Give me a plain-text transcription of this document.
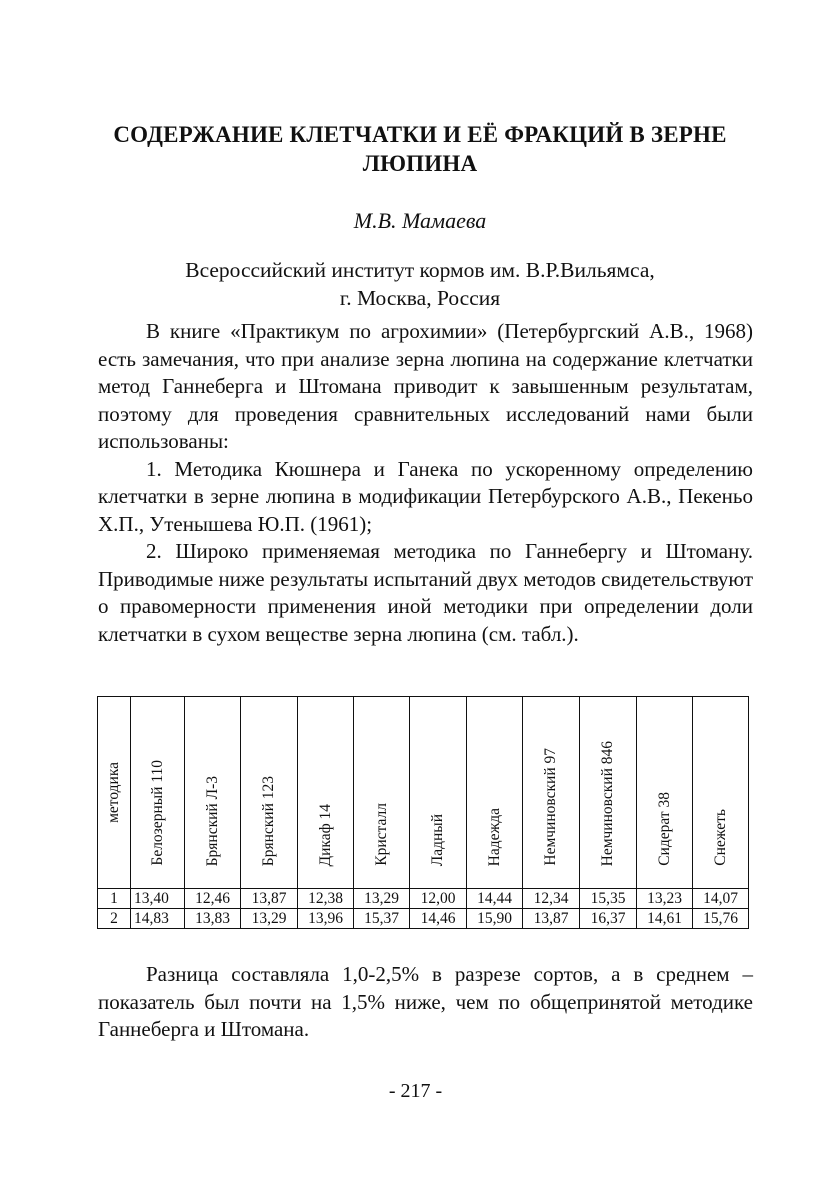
СОДЕРЖАНИЕ КЛЕТЧАТКИ И ЕЁ ФРАКЦИЙ В ЗЕРНЕ
ЛЮПИНА
М.В. Мамаева
Всероссийский институт кормов им. В.Р.Вильямса,
г. Москва, Россия

В книге «Практикум по агрохимии» (Петербургский А.В., 1968) есть замечания, что при анализе зерна люпина на содержание клетчатки метод Ганнеберга и Штомана приводит к завышенным результатам, поэтому для проведения сравнительных исследований нами были использованы:

1. Методика Кюшнера и Ганека по ускоренному определению клетчатки в зерне люпина в модификации Петербурского А.В., Пекеньо Х.П., Утенышева Ю.П. (1961);

2. Широко применяемая методика по Ганнебергу и Штоману. Приводимые ниже результаты испытаний двух методов свидетельствуют о правомерности применения иной методики при определении доли клетчатки в сухом веществе зерна люпина (см. табл.).

методика	Белозерный 110	Брянский Л-3	Брянский 123	Дикаф 14	Кристалл	Ладный	Надежда	Немчиновский 97	Немчиновский 846	Сидерат 38	Снежеть

1	13,40	12,46	13,87	12,38	13,29	12,00	14,44	12,34	15,35	13,23	14,07
2	14,83	13,83	13,29	13,96	15,37	14,46	15,90	13,87	16,37	14,61	15,76

Разница составляла 1,0-2,5% в разрезе сортов, а в среднем – показатель был почти на 1,5% ниже, чем по общепринятой методике Ганнеберга и Штомана.

- 217 -
